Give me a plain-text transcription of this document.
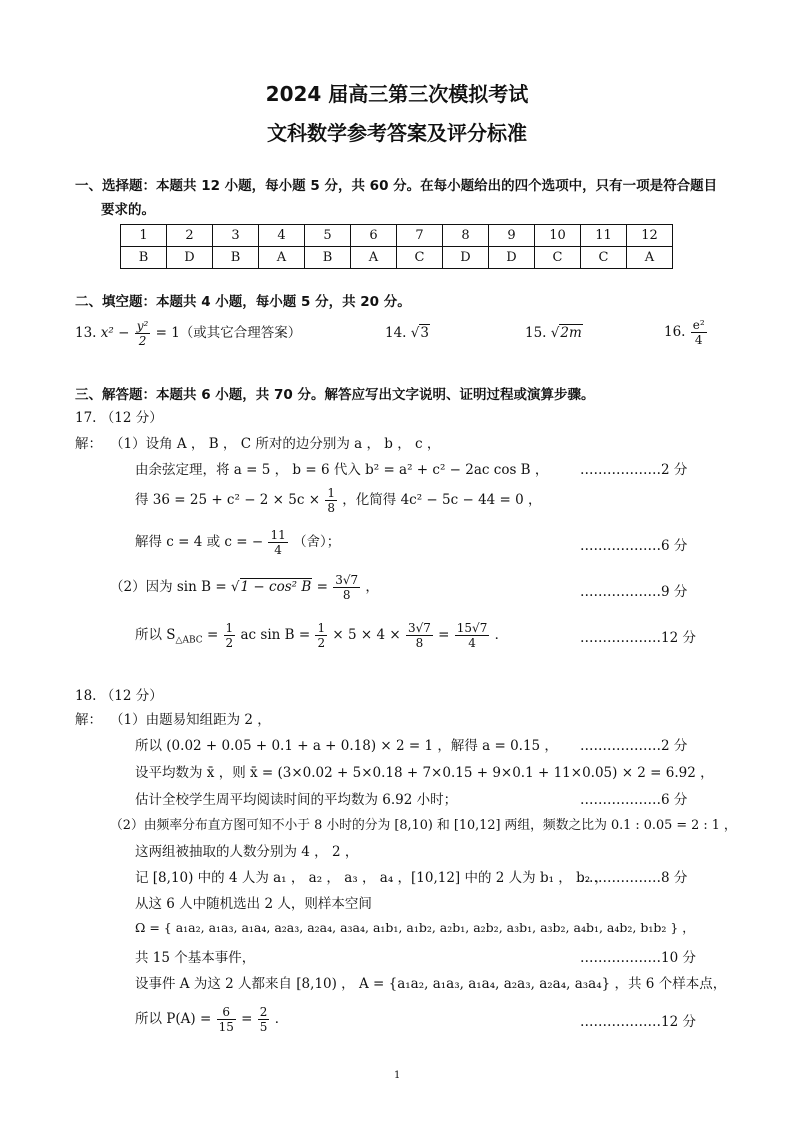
2024 届高三第三次模拟考试
文科数学参考答案及评分标准
一、选择题：本题共 12 小题，每小题 5 分，共 60 分。在每小题给出的四个选项中，只有一项是符合题目
要求的。
1	2	3	4	5	6	7	8	9	10	11	12
B	D	B	A	B	A	C	D	D	C	C	A
二、填空题：本题共 4 小题，每小题 5 分，共 20 分。
13. $x^2 - \frac{\text{y²}}{2} = 1$（或其它合理答案）	14. √3	15. √2m	16. $\frac{\text{e²}}{4}$
三、解答题：本题共 6 小题，共 70 分。解答应写出文字说明、证明过程或演算步骤。
17. （12 分）
解： （1）设角 A ， B ， C 所对的边分别为 a ， b ， c ，
由余弦定理，将 a = 5 ， b = 6 代入 b² = a² + c² − 2ac cos B ， ………………2 分
得 $36 = 25 + c^2 - 2 \times 5c \times \frac{1}{8}$ ，化简得 4c² − 5c − 44 = 0 ，
解得 c = 4 或 c = − $\frac{11}{4}$ （舍）；	………………6 分
（2）因为 sin B = √1 − cos² $B = \frac{3√7}{8}$ ，	………………9 分
所以 $S_{\triangle ABC} = \frac{1}{2}$ ac $\sin B = \frac{1}{2} \times 5 \times 4 \times \frac{3√7}{8} = \frac{15√7}{4}$ ．	………………12 分
18. （12 分）
解： （1）由题易知组距为 2 ，
所以 (0.02 + 0.05 + 0.1 + a + 0.18) × 2 = 1 ，解得 a = 0.15 ， ………………2 分
设平均数为 x̄ ，则 x̄ = (3×0.02 + 5×0.18 + 7×0.15 + 9×0.1 + 11×0.05) × 2 = 6.92 ，
估计全校学生周平均阅读时间的平均数为 6.92 小时；	………………6 分
（2）由频率分布直方图可知不小于 8 小时的分为 [8,10) 和 [10,12] 两组，频数之比为 0.1 : 0.05 = 2 : 1 ，
这两组被抽取的人数分别为 4 ， 2 ，
记 [8,10) 中的 4 人为 a₁ ， a₂ ， a₃ ， a₄ ，[10,12] 中的 2 人为 b₁ ， b₂ ，
………………8 分
从这 6 人中随机选出 2 人，则样本空间
Ω = { a₁a₂, a₁a₃, a₁a₄, a₂a₃, a₂a₄, a₃a₄, a₁b₁, a₁b₂, a₂b₁, a₂b₂, a₃b₁, a₃b₂, a₄b₁, a₄b₂, b₁b₂ } ，
共 15 个基本事件，	………………10 分
设事件 A 为这 2 人都来自 [8,10) ， A = {a₁a₂, a₁a₃, a₁a₄, a₂a₃, a₂a₄, a₃a₄} ，共 6 个样本点，
所以 $P(A) = \frac{6}{15} = \frac{2}{5}$ ．	………………12 分
1
